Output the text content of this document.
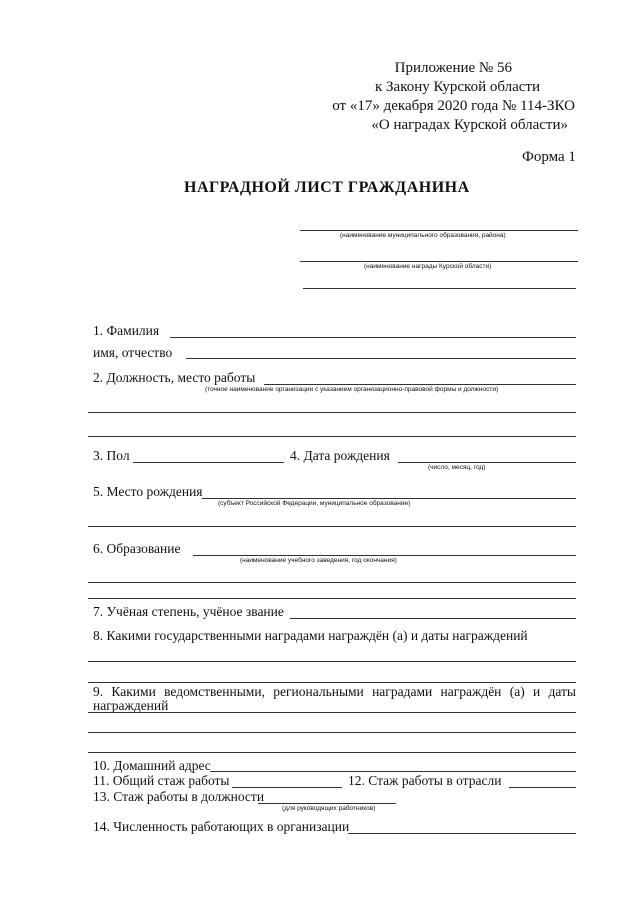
Приложение № 56
к Закону Курской области
от «17» декабря 2020 года № 114-ЗКО
«О наградах Курской области»
Форма 1
НАГРАДНОЙ ЛИСТ ГРАЖДАНИНА
(наименование муниципального образования, района)
(наименование награды Курской области)
1. Фамилия
имя, отчество
2. Должность, место работы
(точное наименование организации с указанием организационно-правовой формы и должности)
3. Пол	4. Дата рождения
(число, месяц, год)
5. Место рождения
(субъект Российской Федерации, муниципальное образование)
6. Образование
(наименование учебного заведения, год окончания)
7. Учёная степень, учёное звание
8. Какими государственными наградами награждён (а) и даты награждений
9. Какими ведомственными, региональными наградами награждён (а) и даты
награждений
10. Домашний адрес
11. Общий стаж работы	12. Стаж работы в отрасли
13. Стаж работы в должности
(для руководящих работников)
14. Численность работающих в организации
